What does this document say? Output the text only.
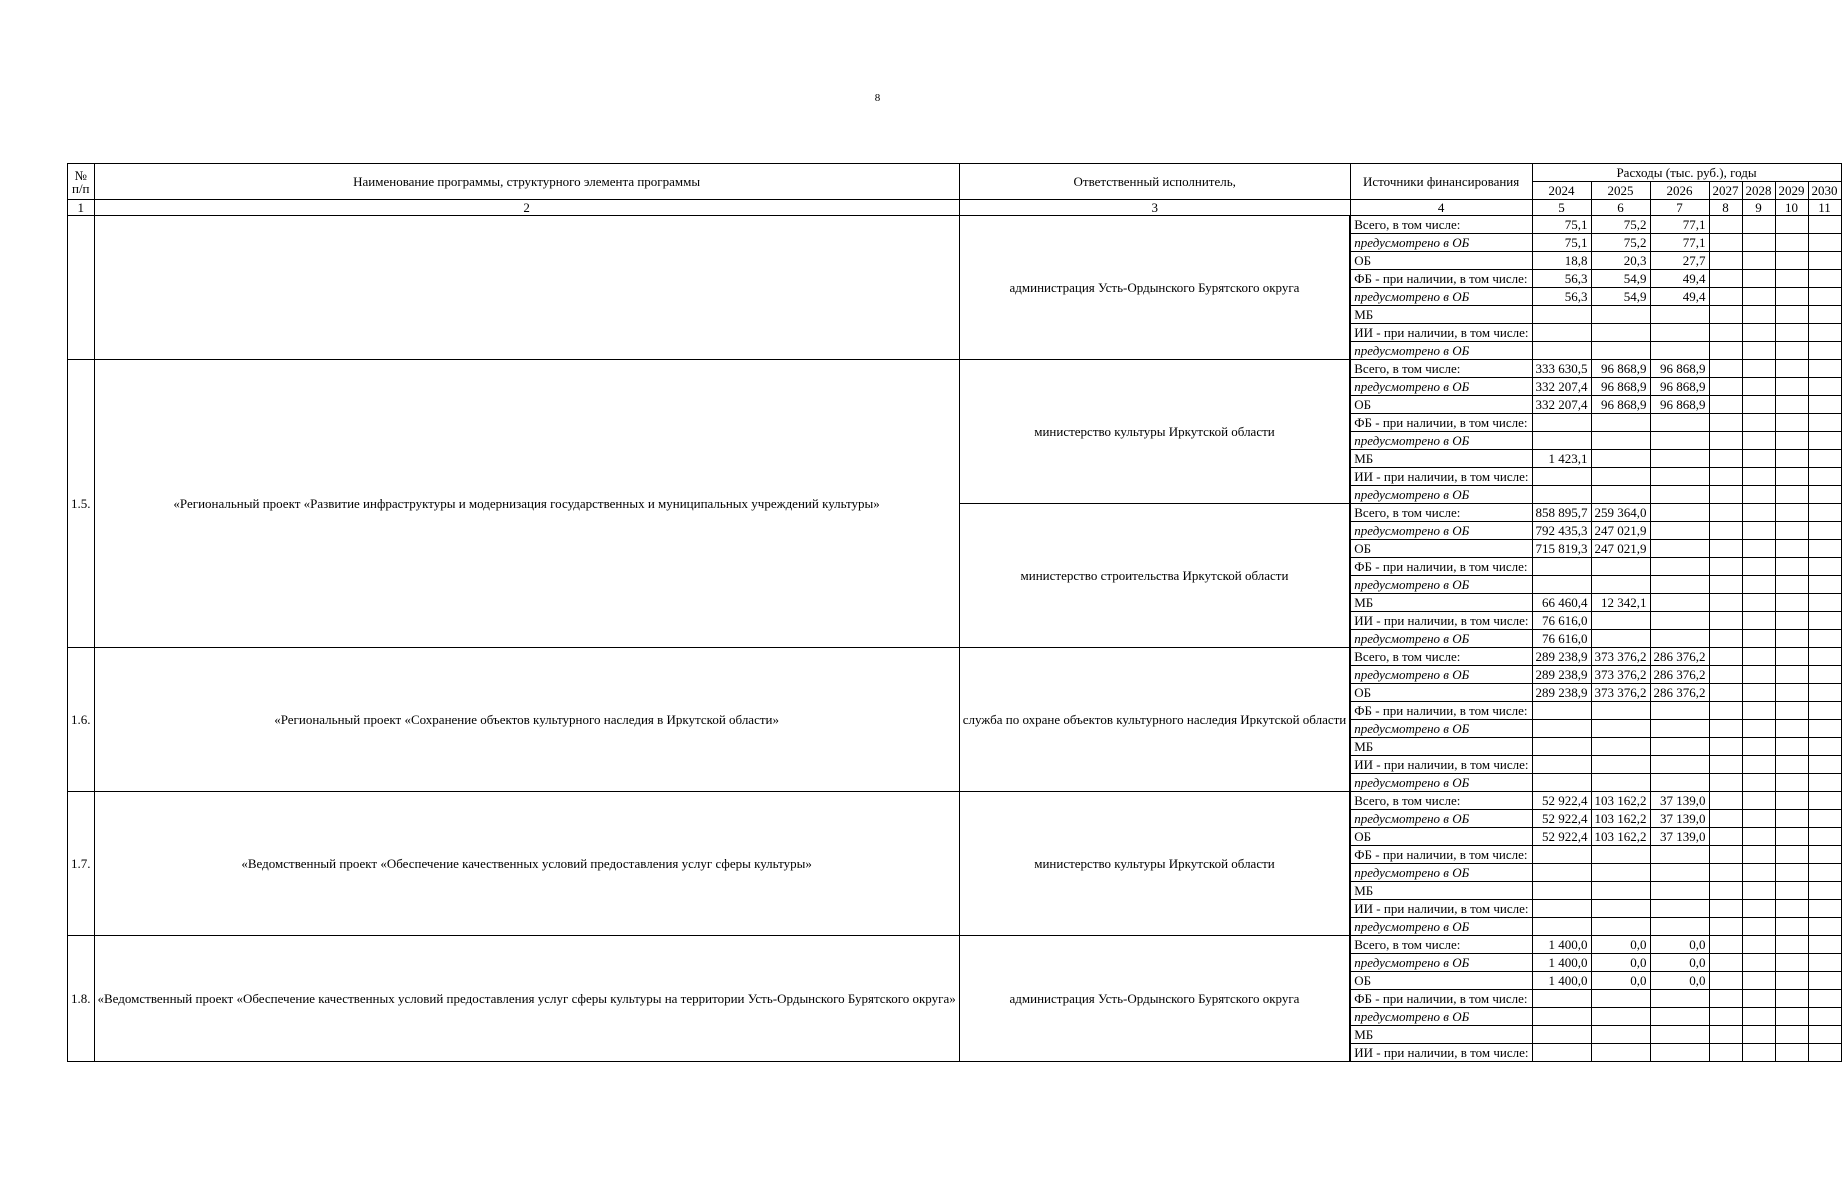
8
№ п/п	Наименование программы, структурного элемента программы	Ответственный исполнитель,	Источники финансирования	Расходы (тыс. руб.), годы						
				2024	2025	2026	2027	2028	2029	2030
1	2	3	4	5	6	7	8	9	10	11
		администрация Усть-Ордынского Бурятского округа	Всего, в том числе:	75,1	75,2	77,1				
			предусмотрено в ОБ	75,1	75,2	77,1				
			ОБ	18,8	20,3	27,7				
			ФБ - при наличии, в том числе:	56,3	54,9	49,4				
			предусмотрено в ОБ	56,3	54,9	49,4				
			МБ							
			ИИ - при наличии, в том числе:							
			предусмотрено в ОБ							
1.5.	«Региональный проект «Развитие инфраструктуры и модернизация государственных и муниципальных учреждений культуры»	министерство культуры Иркутской области	Всего, в том числе:	333 630,5	96 868,9	96 868,9				
			предусмотрено в ОБ	332 207,4	96 868,9	96 868,9				
			ОБ	332 207,4	96 868,9	96 868,9				
			ФБ - при наличии, в том числе:							
			предусмотрено в ОБ							
			МБ	1 423,1						
			ИИ - при наличии, в том числе:							
			предусмотрено в ОБ							
		министерство строительства Иркутской области	Всего, в том числе:	858 895,7	259 364,0					
			предусмотрено в ОБ	792 435,3	247 021,9					
			ОБ	715 819,3	247 021,9					
			ФБ - при наличии, в том числе:							
			предусмотрено в ОБ							
			МБ	66 460,4	12 342,1					
			ИИ - при наличии, в том числе:	76 616,0						
			предусмотрено в ОБ	76 616,0						
1.6.	«Региональный проект «Сохранение объектов культурного наследия в Иркутской области»	служба по охране объектов культурного наследия Иркутской области	Всего, в том числе:	289 238,9	373 376,2	286 376,2				
			предусмотрено в ОБ	289 238,9	373 376,2	286 376,2				
			ОБ	289 238,9	373 376,2	286 376,2				
			ФБ - при наличии, в том числе:							
			предусмотрено в ОБ							
			МБ							
			ИИ - при наличии, в том числе:							
			предусмотрено в ОБ							
1.7.	«Ведомственный проект «Обеспечение качественных условий предоставления услуг сферы культуры»	министерство культуры Иркутской области	Всего, в том числе:	52 922,4	103 162,2	37 139,0				
			предусмотрено в ОБ	52 922,4	103 162,2	37 139,0				
			ОБ	52 922,4	103 162,2	37 139,0				
			ФБ - при наличии, в том числе:							
			предусмотрено в ОБ							
			МБ							
			ИИ - при наличии, в том числе:							
			предусмотрено в ОБ							
1.8.	«Ведомственный проект «Обеспечение качественных условий предоставления услуг сферы культуры на территории Усть-Ордынского Бурятского округа»	администрация Усть-Ордынского Бурятского округа	Всего, в том числе:	1 400,0	0,0	0,0				
			предусмотрено в ОБ	1 400,0	0,0	0,0				
			ОБ	1 400,0	0,0	0,0				
			ФБ - при наличии, в том числе:							
			предусмотрено в ОБ							
			МБ							
			ИИ - при наличии, в том числе:							
